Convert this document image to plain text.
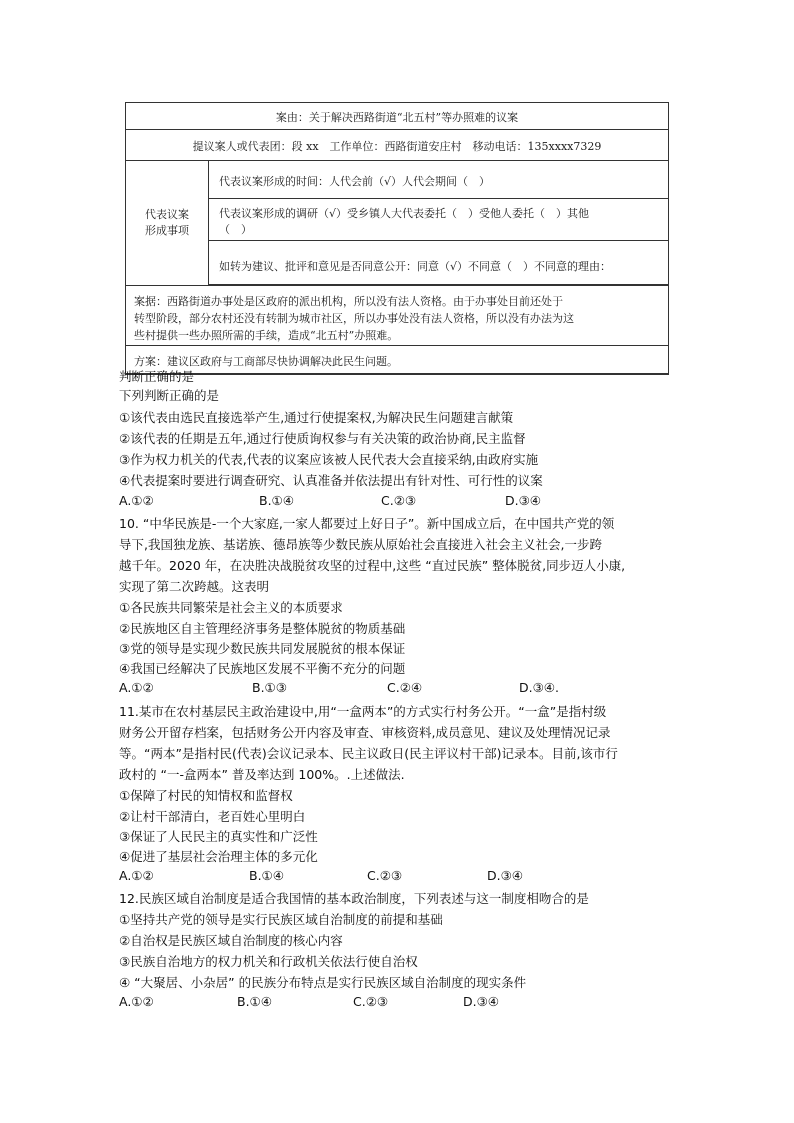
案由：关于解决西路街道“北五村”等办照难的议案
提议案人或代表团：段 xx　工作单位：西路街道安庄村　移动电话：135xxxx7329
代表议案
形成事项
代表议案形成的时间：人代会前（√）人代会期间（　）
代表议案形成的调研（√）受乡镇人大代表委托（　）受他人委托（　）其他
（　）
如转为建议、批评和意见是否同意公开：同意（√）不同意（　）不同意的理由：
案据：西路街道办事处是区政府的派出机构，所以没有法人资格。由于办事处目前还处于
转型阶段，部分农村还没有转制为城市社区，所以办事处没有法人资格，所以没有办法为这
些村提供一些办照所需的手续，造成“北五村”办照难。
方案：建议区政府与工商部尽快协调解决此民生问题。
判断正确的是
下列判断正确的是
①该代表由选民直接选举产生,通过行使提案权,为解决民生问题建言献策
②该代表的任期是五年,通过行使质询权参与有关决策的政治协商,民主监督
③作为权力机关的代表,代表的议案应该被人民代表大会直接采纳,由政府实施
④代表提案时要进行调查研究、认真准备并依法提出有针对性、可行性的议案
A.①②	B.①④	C.②③	D.③④
10. “中华民族是-一个大家庭,一家人都要过上好日子”。新中国成立后，在中国共产党的领
导下,我国独龙族、基诺族、德昂族等少数民族从原始社会直接进入社会主义社会,一步跨
越千年。2020 年，在决胜决战脱贫攻坚的过程中,这些 “直过民族” 整体脱贫,同步迈人小康,
实现了第二次跨越。这表明
①各民族共同繁荣是社会主义的本质要求
②民族地区自主管理经济事务是整体脱贫的物质基础
③党的领导是实现少数民族共同发展脱贫的根本保证
④我国已经解决了民族地区发展不平衡不充分的问题
A.①②	B.①③	C.②④	D.③④.
11.某市在农村基层民主政治建设中,用“一盒两本”的方式实行村务公开。“一盒”是指村级
财务公开留存档案，包括财务公开内容及审查、审核资料,成员意见、建议及处理情况记录
等。“两本”是指村民(代表)会议记录本、民主议政日(民主评议村干部)记录本。目前,该市行
政村的 “一-盒两本” 普及率达到 100%。.上述做法.
①保障了村民的知情权和监督权
②让村干部清白，老百姓心里明白
③保证了人民民主的真实性和广泛性
④促进了基层社会治理主体的多元化
A.①②	B.①④	C.②③	D.③④
12.民族区域自治制度是适合我国情的基本政治制度，下列表述与这一制度相吻合的是
①坚持共产党的领导是实行民族区域自治制度的前提和基础
②自治权是民族区域自治制度的核心内容
③民族自治地方的权力机关和行政机关依法行使自治权
④ “大聚居、小杂居” 的民族分布特点是实行民族区域自治制度的现实条件
A.①②	B.①④	C.②③	D.③④
